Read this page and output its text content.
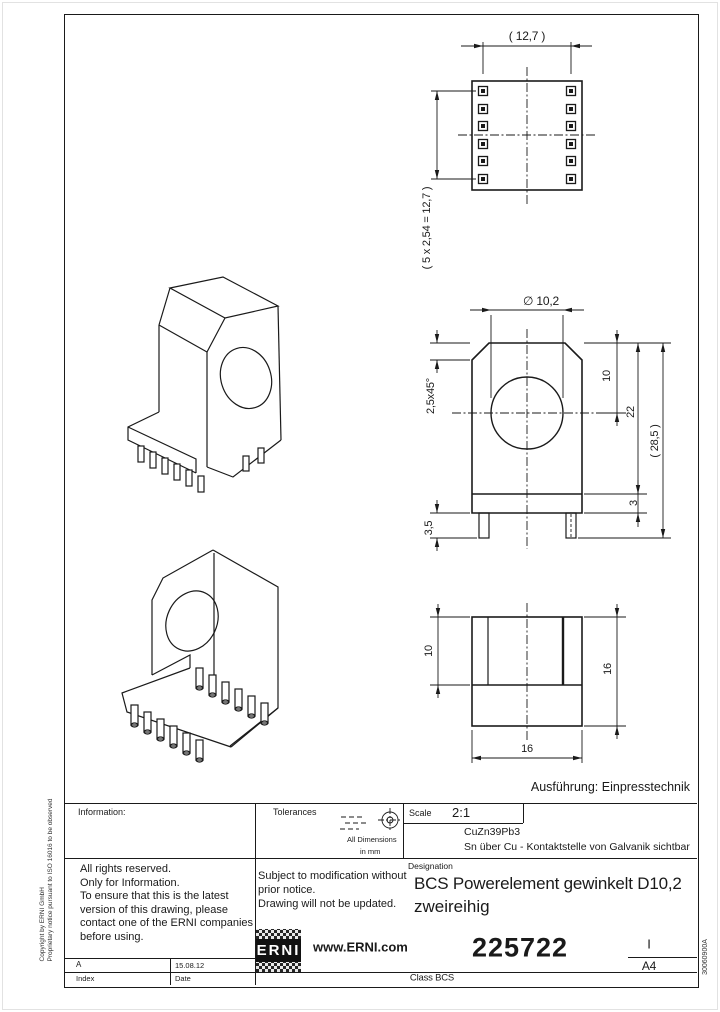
( 12,7 )
( 5 x 2,54 = 12,7 )
∅ 10,2
2,5x45°
3,5
10
22
3
( 28,5 )
10
16
16
Ausführung: Einpresstechnik
Information:	Tolerances
All Dimensions
in mm
Scale 2:1
CuZn39Pb3
Sn über Cu - Kontaktstelle von Galvanik sichtbar
All rights reserved.
Only for Information.
To ensure that this is the latest
version of this drawing, please
contact one of the ERNI companies
before using.
Subject to modification without
prior notice.
Drawing will not be updated.
Designation
BCS Powerelement gewinkelt D10,2
zweireihig
225722	I
A4
ERNI www.ERNI.com
A	15.08.12
Index	Date	Class BCS
Copyright by ERNI GmbH Proprietary notice pursuant to ISO 16016 to be observed	30060900A
